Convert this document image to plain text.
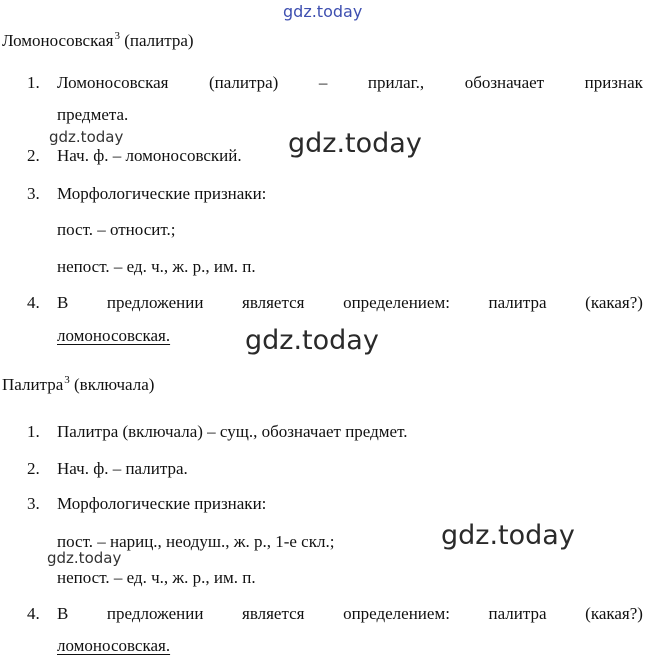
gdz.today
Ломоносовская$^3$ (палитра)
1.	Ломоносовская (палитра) – прилаг., обозначает признак
предмета.
gdz.today
2.	Нач. ф. – ломоносовский. gdz.today
3.	Морфологические признаки:
пост. – относит.;
непост. – ед. ч., ж. р., им. п.
4.	В предложении является определением: палитра (какая?)
ломоносовская.	gdz.today
Палитра$^3$ (включала)
1.	Палитра (включала) – сущ., обозначает предмет.
2.	Нач. ф. – палитра.
3.	Морфологические признаки:
пост. – нариц., неодуш., ж. р., 1-е скл.;	gdz.today
gdz.today
непост. – ед. ч., ж. р., им. п.
4.	В предложении является определением: палитра (какая?)
ломоносовская.
